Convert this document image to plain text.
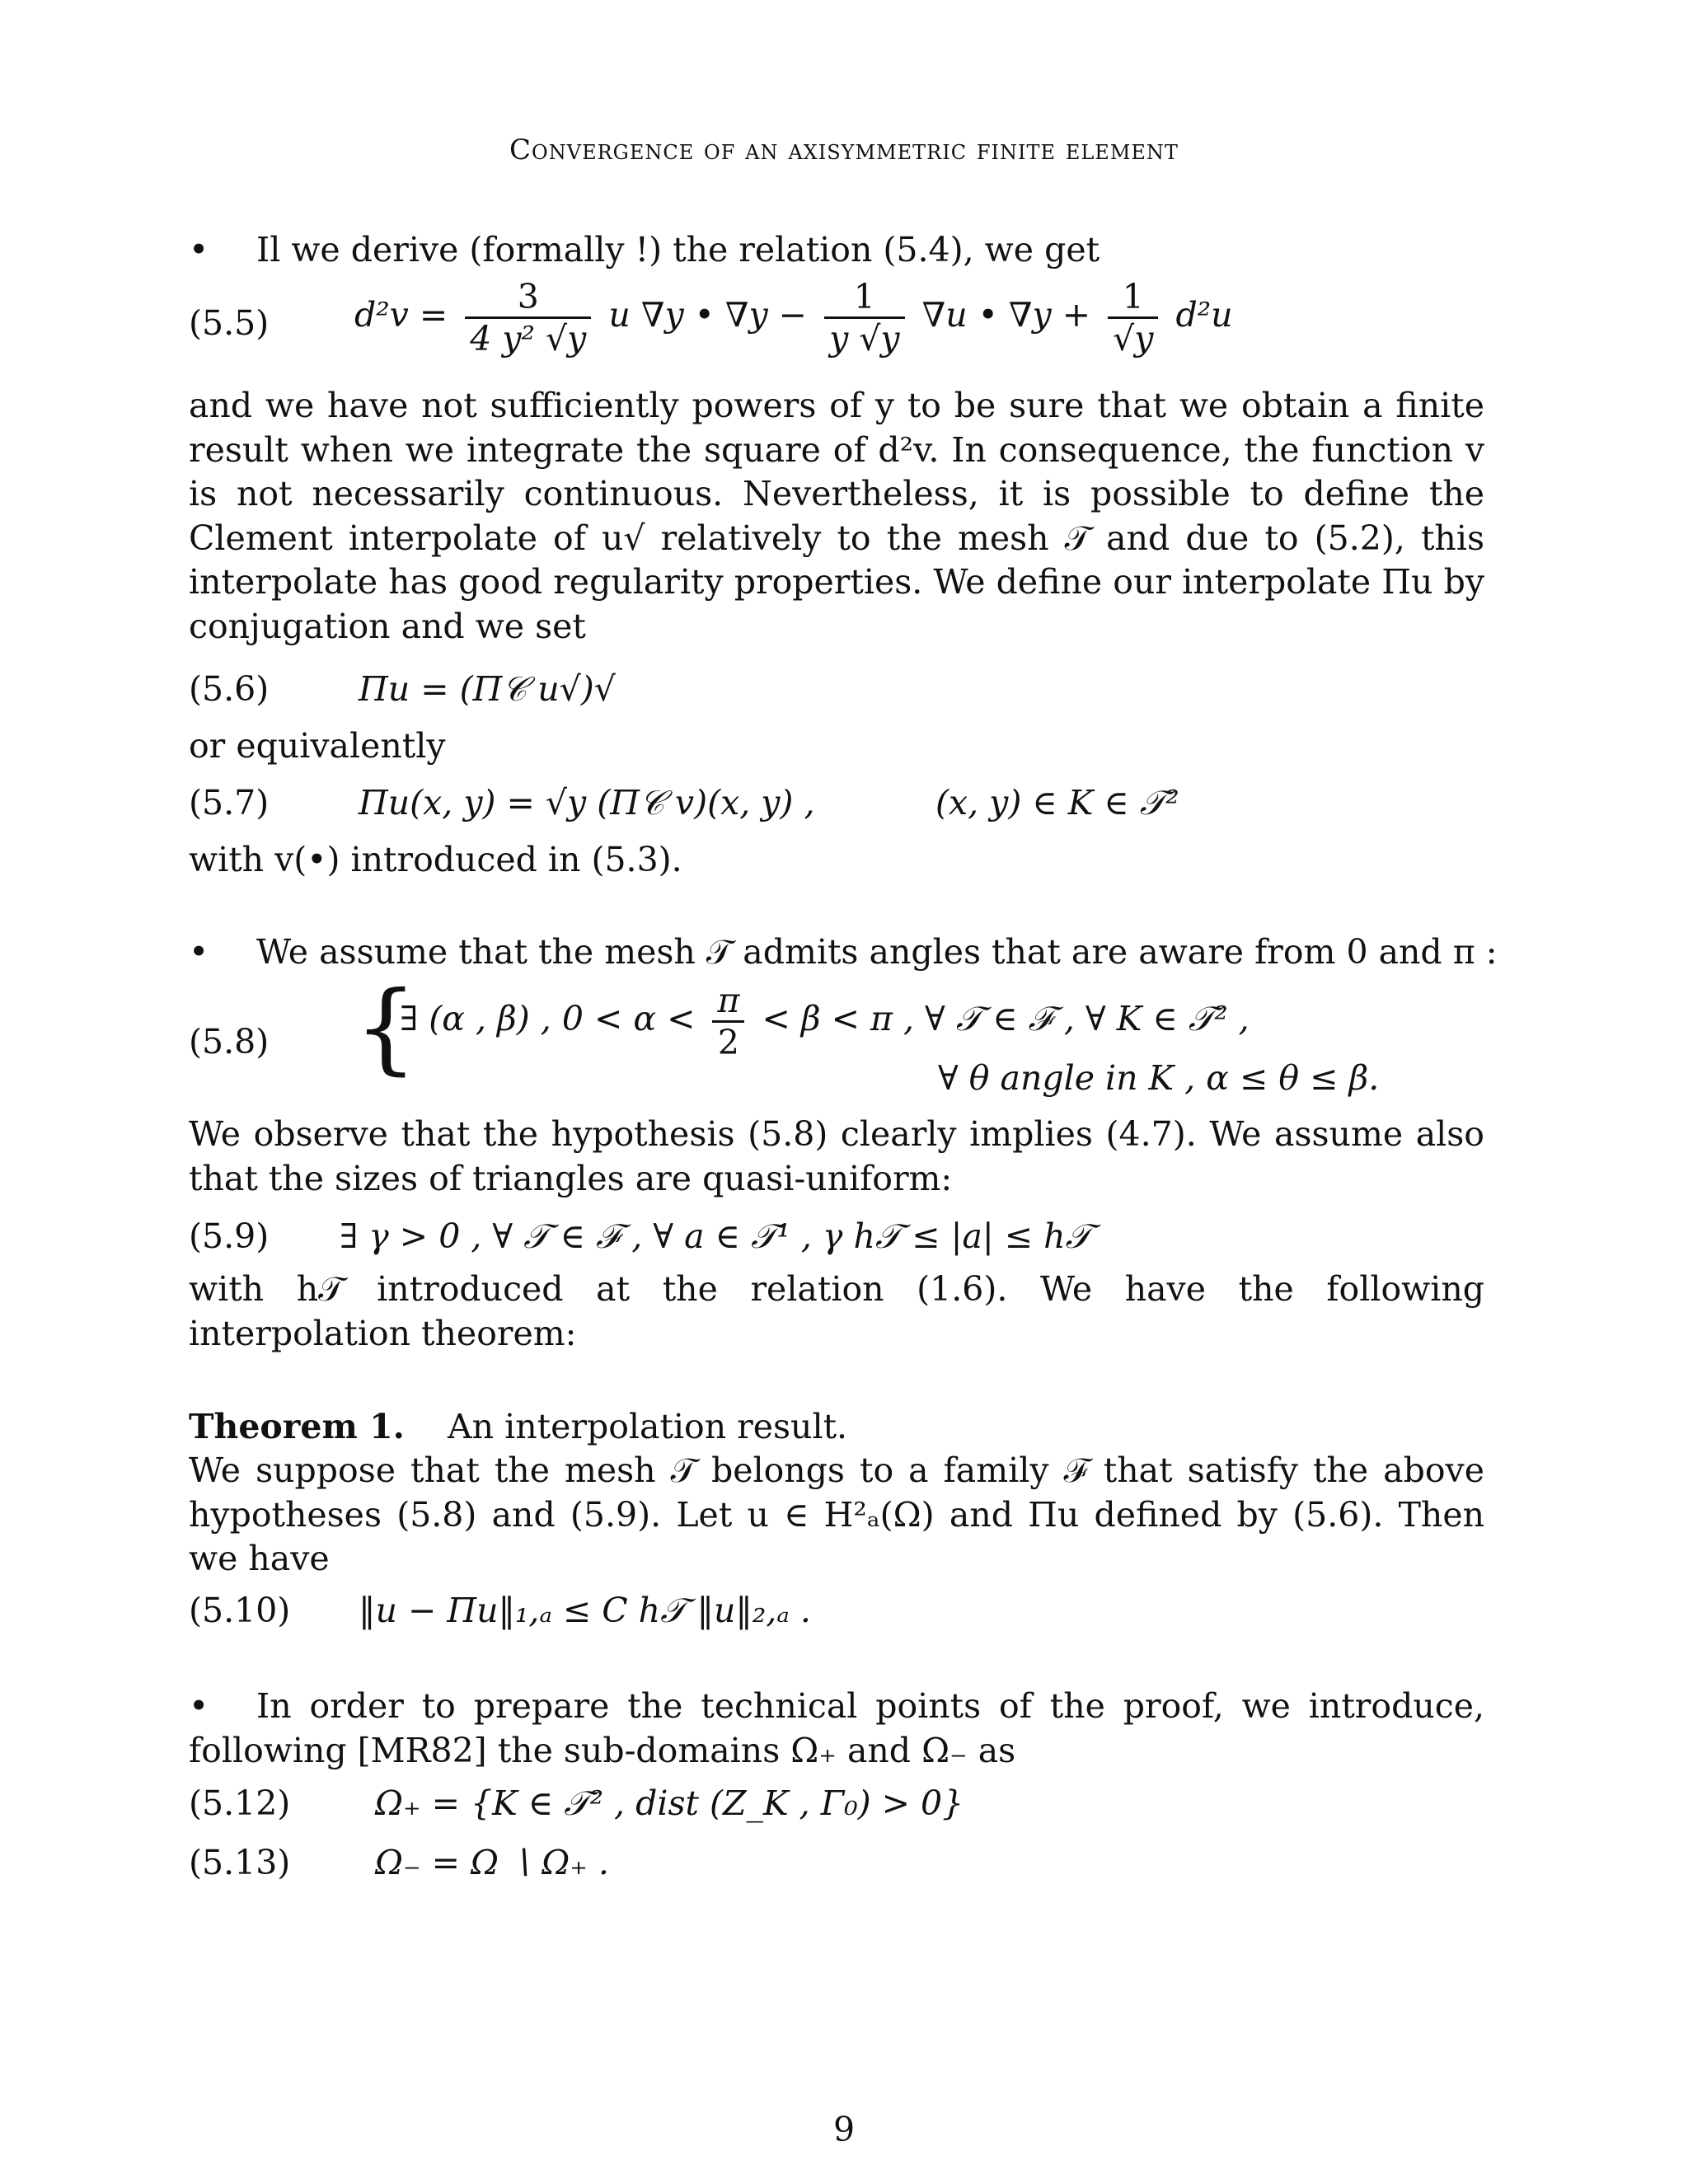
Convergence of an axisymmetric finite element
• Il we derive (formally !) the relation (5.4), we get
(5.5)	$d^2v = \frac{3}{\text{4 y² √y}}$ u ∇y • $\nabla y - \frac{1}{y √y} \nabla u$ • $\nabla y + \frac{1}{√y} d^2u$
and we have not sufficiently powers of y to be sure that we obtain a finite result when we integrate the square of d²v. In consequence, the function v is not necessarily continuous. Nevertheless, it is possible to define the Clement interpolate of u√ relatively to the mesh 𝒯 and due to (5.2), this interpolate has good regularity properties. We define our interpolate Πu by conjugation and we set
(5.6)	Πu = (Π𝒞 u√)√
or equivalently
(5.7)	Πu(x, y) = √y (Π𝒞 v)(x, y) ,	(x, y) ∈ K ∈ 𝒯²
with v(•) introduced in (5.3).
• We assume that the mesh 𝒯 admits angles that are aware from 0 and π :
(5.8) {
∃ (α , β) , $0 < \alpha < \frac{\pi}{2} < \beta < \pi$ , ∀ 𝒯 ∈ ℱ , ∀ K ∈ 𝒯² ,
∀ θ angle in K , α ≤ θ ≤ β.
We observe that the hypothesis (5.8) clearly implies (4.7). We assume also that the sizes of triangles are quasi-uniform:
(5.9) ∃ γ > 0 , ∀ 𝒯 ∈ ℱ , ∀ a ∈ 𝒯¹ , γ h𝒯 ≤ |a| ≤ h𝒯
with h𝒯 introduced at the relation (1.6). We have the following interpolation theorem:
Theorem 1. An interpolation result.
We suppose that the mesh 𝒯 belongs to a family ℱ that satisfy the above hypotheses (5.8) and (5.9). Let u ∈ H²ₐ(Ω) and Πu defined by (5.6). Then we have
(5.10) ‖u − Πu‖₁,ₐ ≤ C h𝒯 ‖u‖₂,ₐ .
• In order to prepare the technical points of the proof, we introduce, following [MR82] the sub-domains Ω₊ and Ω₋ as
(5.12)	Ω₊ = {K ∈ 𝒯² , dist (Z_K , Γ₀) > 0}
(5.13)	Ω₋ = Ω ∖ Ω₊ .
9
